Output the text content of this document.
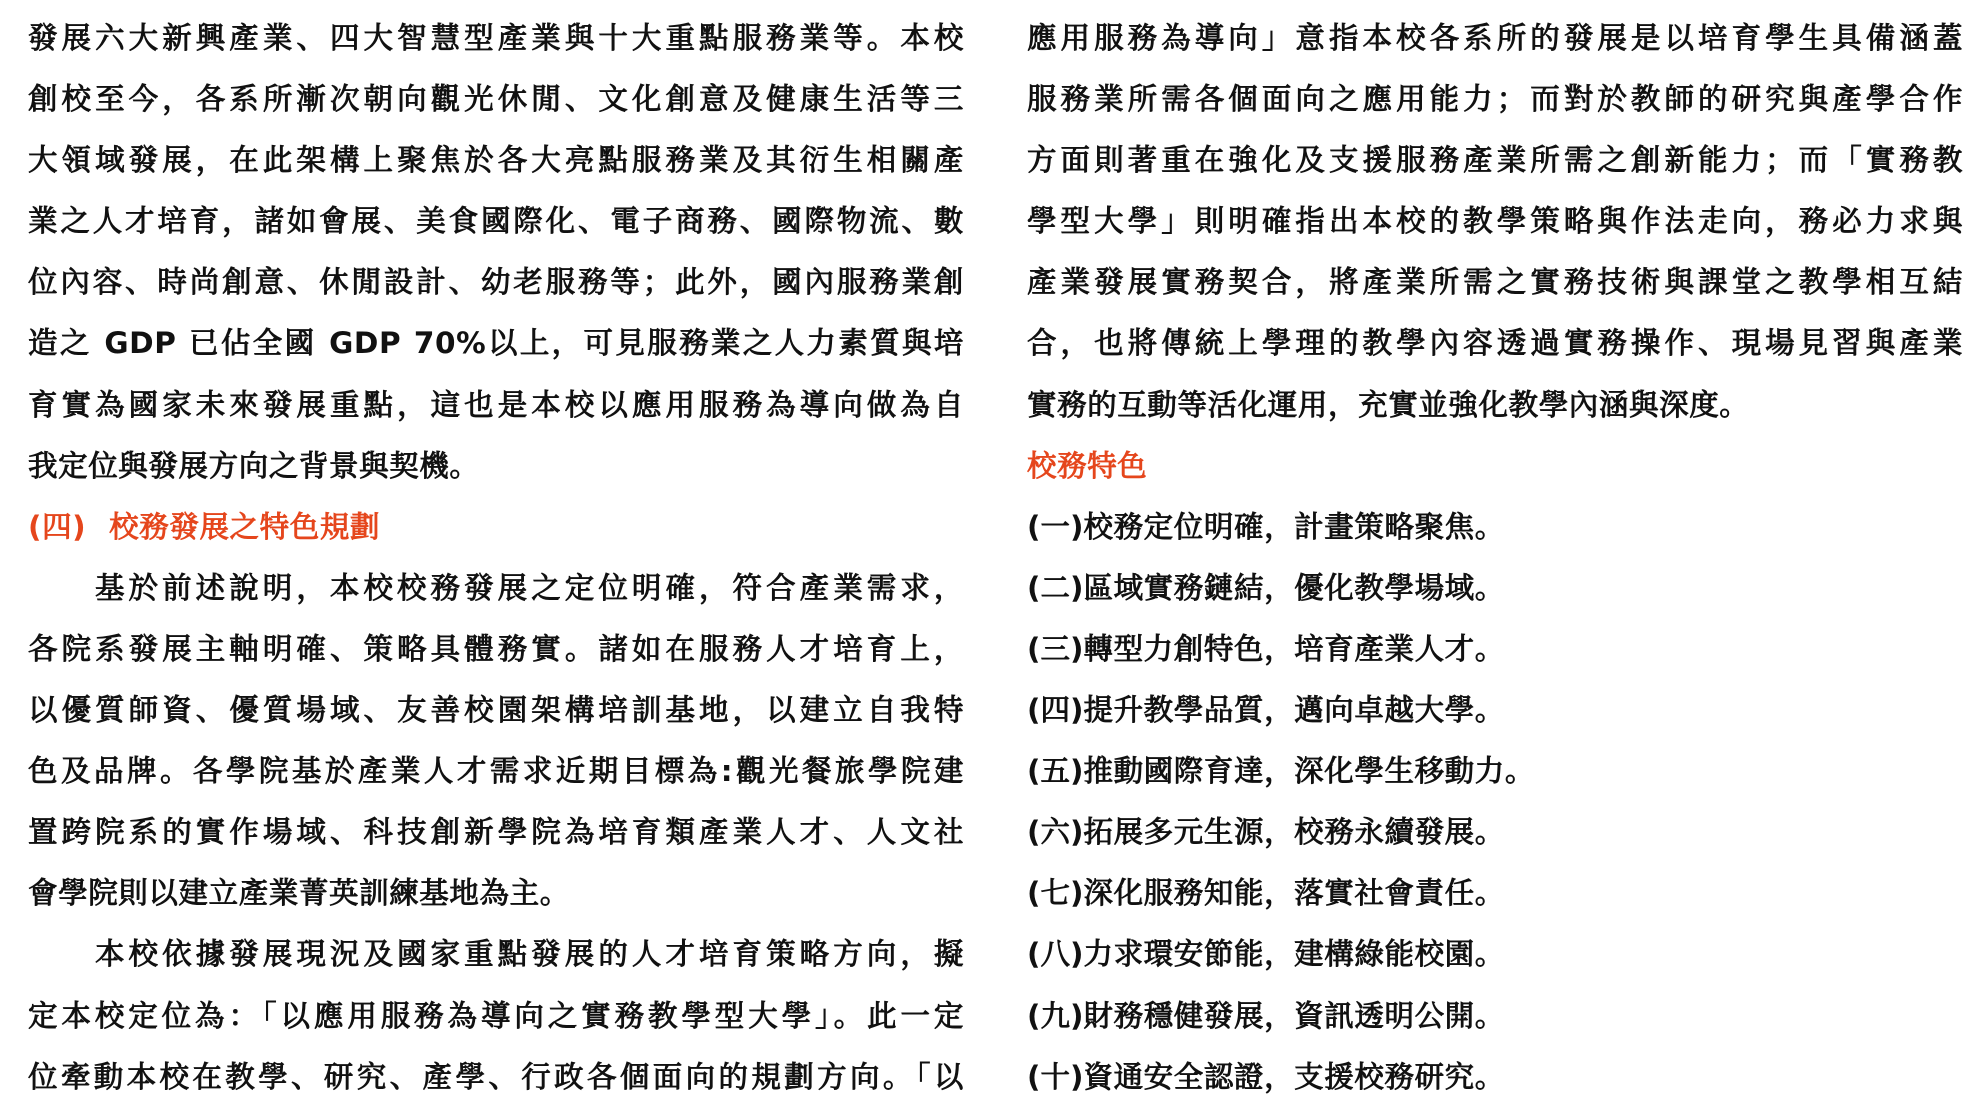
發展六大新興產業、四大智慧型產業與十大重點服務業等。本校
創校至今，各系所漸次朝向觀光休閒、文化創意及健康生活等三
大領域發展，在此架構上聚焦於各大亮點服務業及其衍生相關產
業之人才培育，諸如會展、美食國際化、電子商務、國際物流、數
位內容、時尚創意、休閒設計、幼老服務等；此外，國內服務業創
造之 GDP 已佔全國 GDP 70%以上，可見服務業之人力素質與培
育實為國家未來發展重點，這也是本校以應用服務為導向做為自
我定位與發展方向之背景與契機。
(四) 校務發展之特色規劃
基於前述說明，本校校務發展之定位明確，符合產業需求，
各院系發展主軸明確、策略具體務實。諸如在服務人才培育上，
以優質師資、優質場域、友善校園架構培訓基地，以建立自我特
色及品牌。各學院基於產業人才需求近期目標為:觀光餐旅學院建
置跨院系的實作場域、科技創新學院為培育類產業人才、人文社
會學院則以建立產業菁英訓練基地為主。
本校依據發展現況及國家重點發展的人才培育策略方向，擬
定本校定位為：「以應用服務為導向之實務教學型大學」。此一定
位牽動本校在教學、研究、產學、行政各個面向的規劃方向。「以
應用服務為導向」意指本校各系所的發展是以培育學生具備涵蓋
服務業所需各個面向之應用能力；而對於教師的研究與產學合作
方面則著重在強化及支援服務產業所需之創新能力；而「實務教
學型大學」則明確指出本校的教學策略與作法走向，務必力求與
產業發展實務契合，將產業所需之實務技術與課堂之教學相互結
合，也將傳統上學理的教學內容透過實務操作、現場見習與產業
實務的互動等活化運用，充實並強化教學內涵與深度。
校務特色
(一)校務定位明確，計畫策略聚焦。
(二)區域實務鏈結，優化教學場域。
(三)轉型力創特色，培育產業人才。
(四)提升教學品質，邁向卓越大學。
(五)推動國際育達，深化學生移動力。
(六)拓展多元生源，校務永續發展。
(七)深化服務知能，落實社會責任。
(八)力求環安節能，建構綠能校園。
(九)財務穩健發展，資訊透明公開。
(十)資通安全認證，支援校務研究。
